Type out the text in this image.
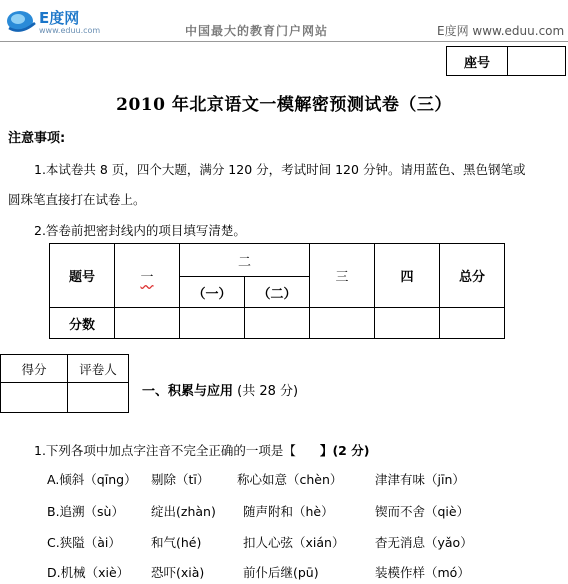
E度网
www.eduu.com	中国最大的教育门户网站	E度网 www.eduu.com
座号
2010 年北京语文一模解密预测试卷（三）
注意事项:
1.本试卷共 8 页，四个大题，满分 120 分，考试时间 120 分钟。请用蓝色、黑色钢笔或
圆珠笔直接打在试卷上。
2.答卷前把密封线内的项目填写清楚。
题号	一	二		三	四	总分
		（一）	（二）			
分数						
得分	评卷人

一、积累与应用 (共 28 分)
1.下列各项中加点字注音不完全正确的一项是【 】(2 分)
A.倾斜（qīng） 剔除（tī） 称心如意（chèn）	津津有味（jīn）
B.追溯（sù） 绽出(zhàn) 随声附和（hè）	锲而不舍（qiè）
C.狭隘（ài） 和气(hé)	扣人心弦（xián） 杳无消息（yǎo）
D.机械（xiè） 恐吓(xià)	前仆后继(pū)	装模作样（mó）
